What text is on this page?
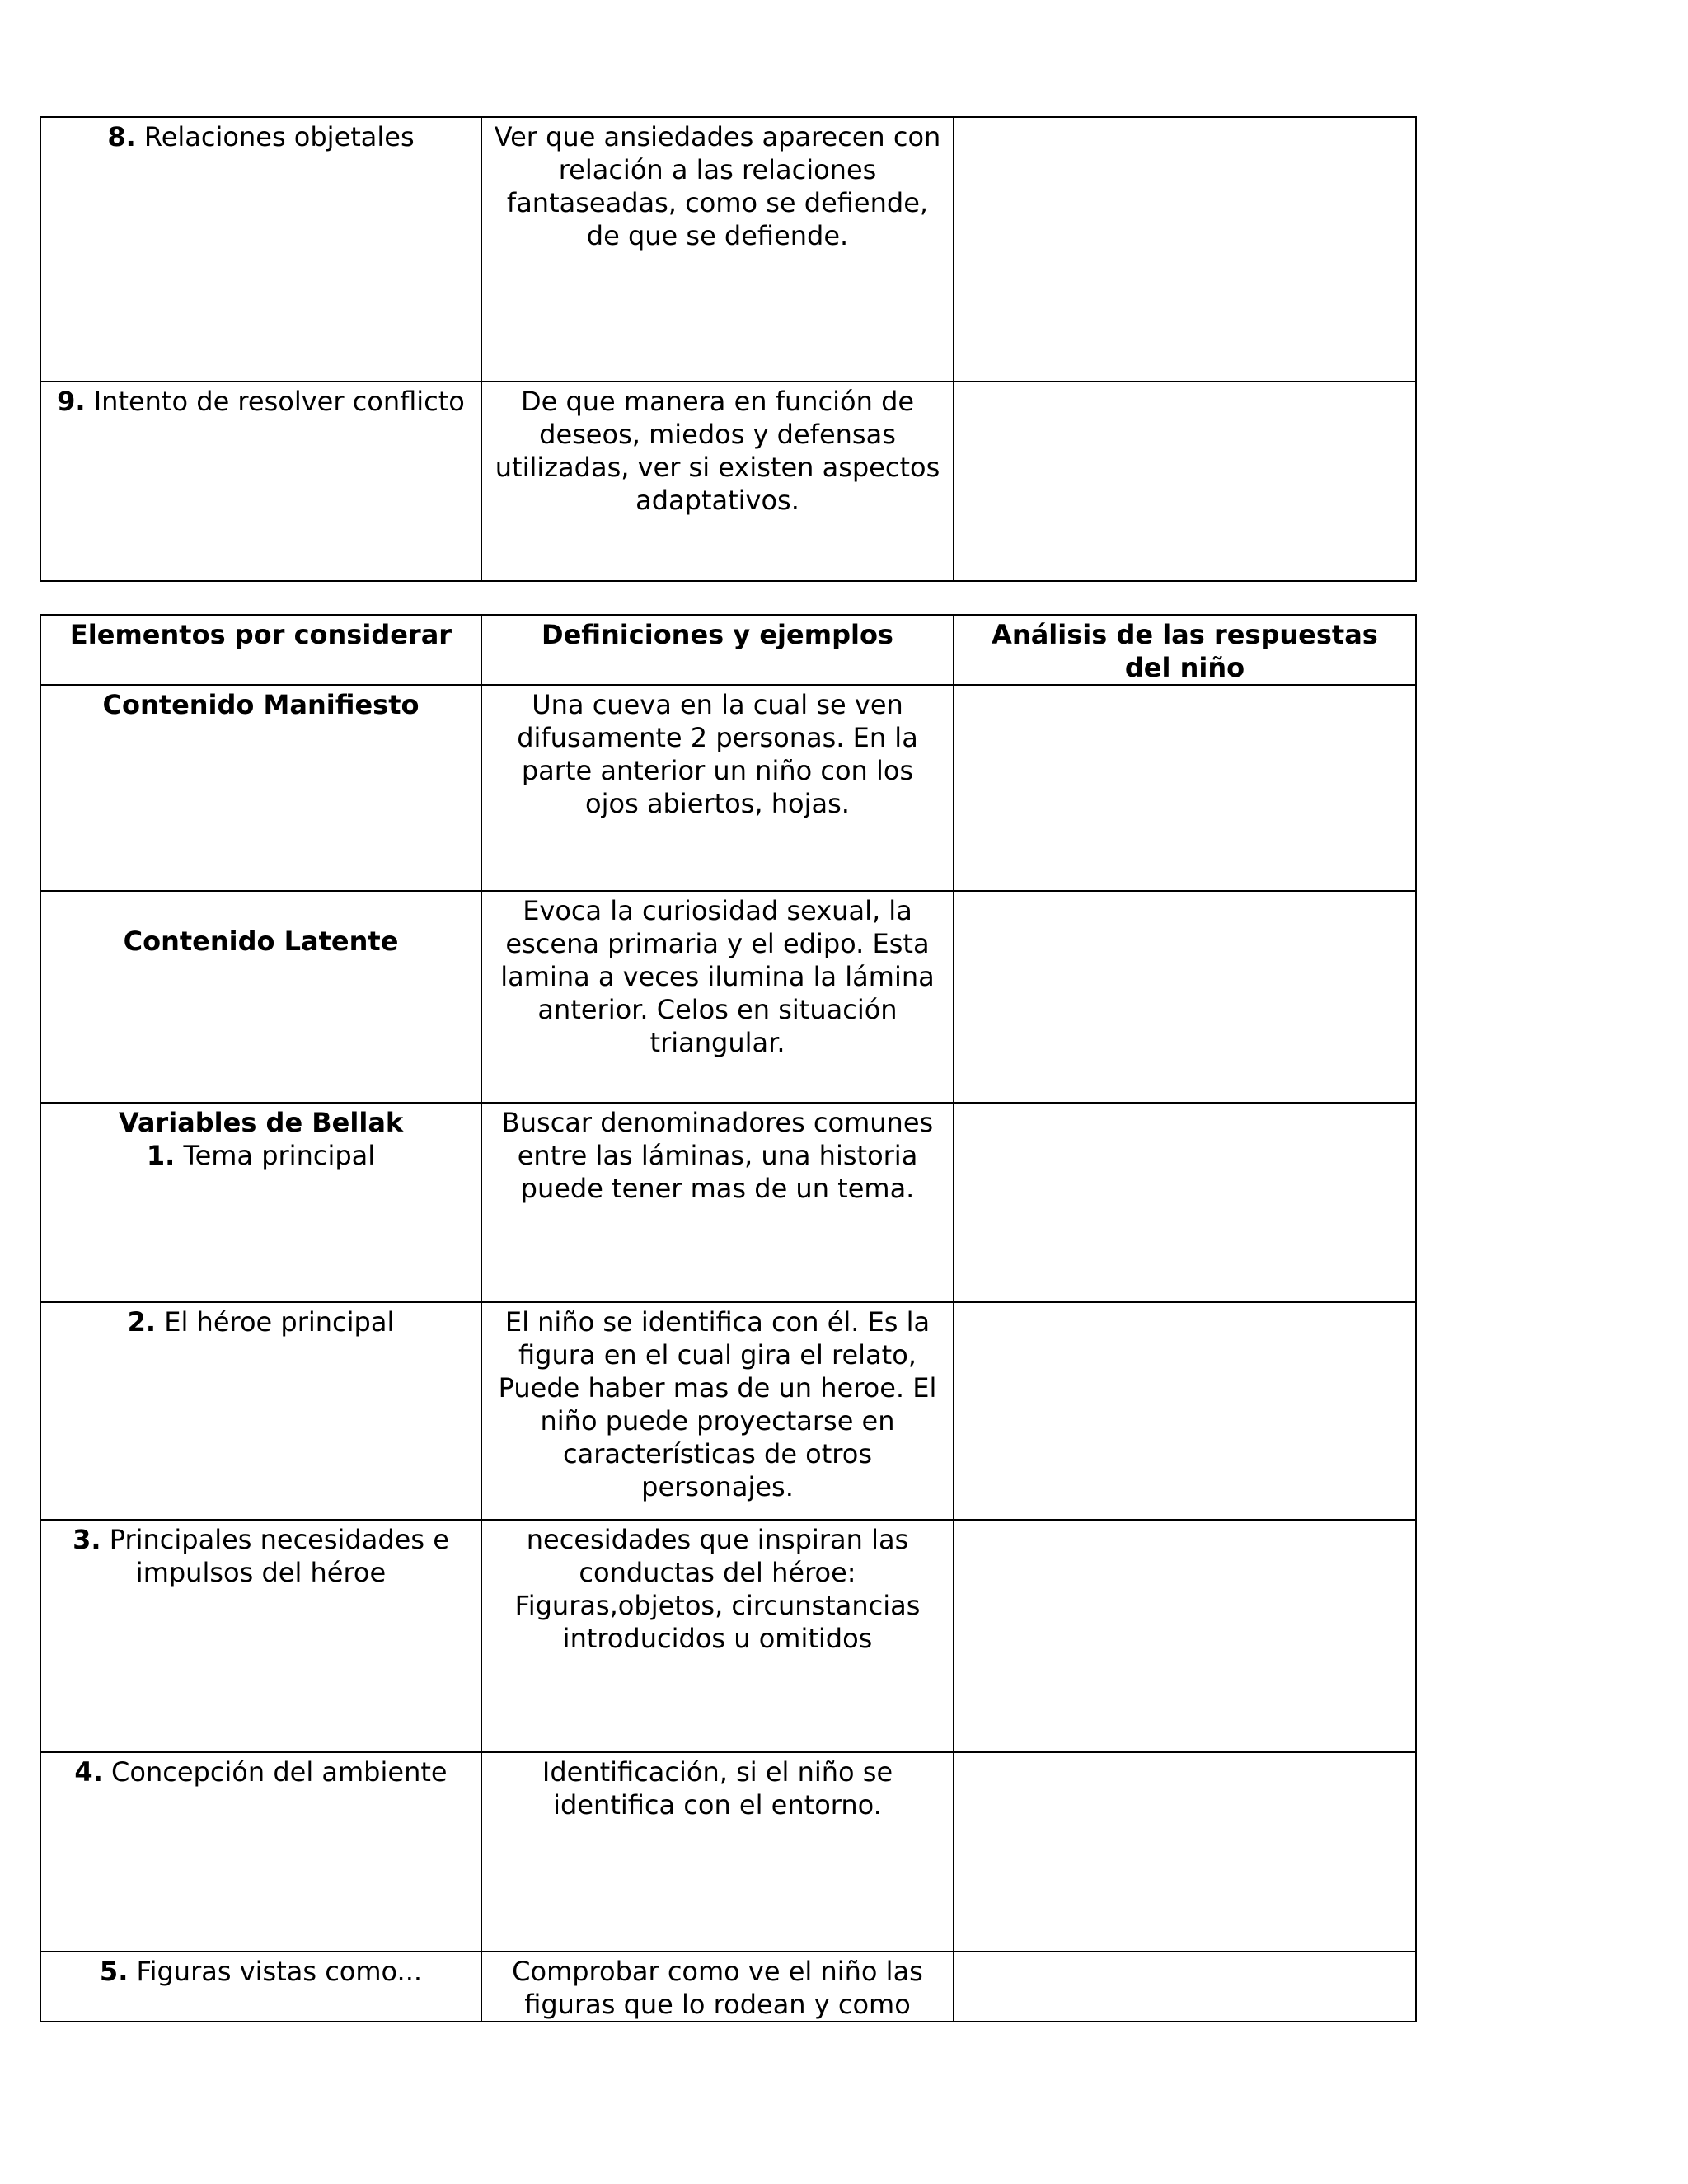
8. Relaciones objetales	Ver que ansiedades aparecen con relación a las relaciones fantaseadas, como se defiende, de que se defiende.	
9. Intento de resolver conflicto	De que manera en función de deseos, miedos y defensas utilizadas, ver si existen aspectos adaptativos.	
Elementos por considerar	Definiciones y ejemplos	Análisis de las respuestas del niño
Contenido Manifiesto	Una cueva en la cual se ven difusamente 2 personas. En la parte anterior un niño con los ojos abiertos, hojas.	
Contenido Latente	Evoca la curiosidad sexual, la escena primaria y el edipo. Esta lamina a veces ilumina la lámina anterior. Celos en situación triangular.	

Variables de Bellak
1. Tema principal	Buscar denominadores comunes entre las láminas, una historia puede tener mas de un tema.	
2. El héroe principal	El niño se identifica con él. Es la figura en el cual gira el relato, Puede haber mas de un heroe. El niño puede proyectarse en características de otros personajes.	
3. Principales necesidades e impulsos del héroe	necesidades que inspiran las conductas del héroe: Figuras,objetos, circunstancias introducidos u omitidos	
4. Concepción del ambiente	Identificación, si el niño se identifica con el entorno.	
5. Figuras vistas como...	Comprobar como ve el niño las figuras que lo rodean y como	
